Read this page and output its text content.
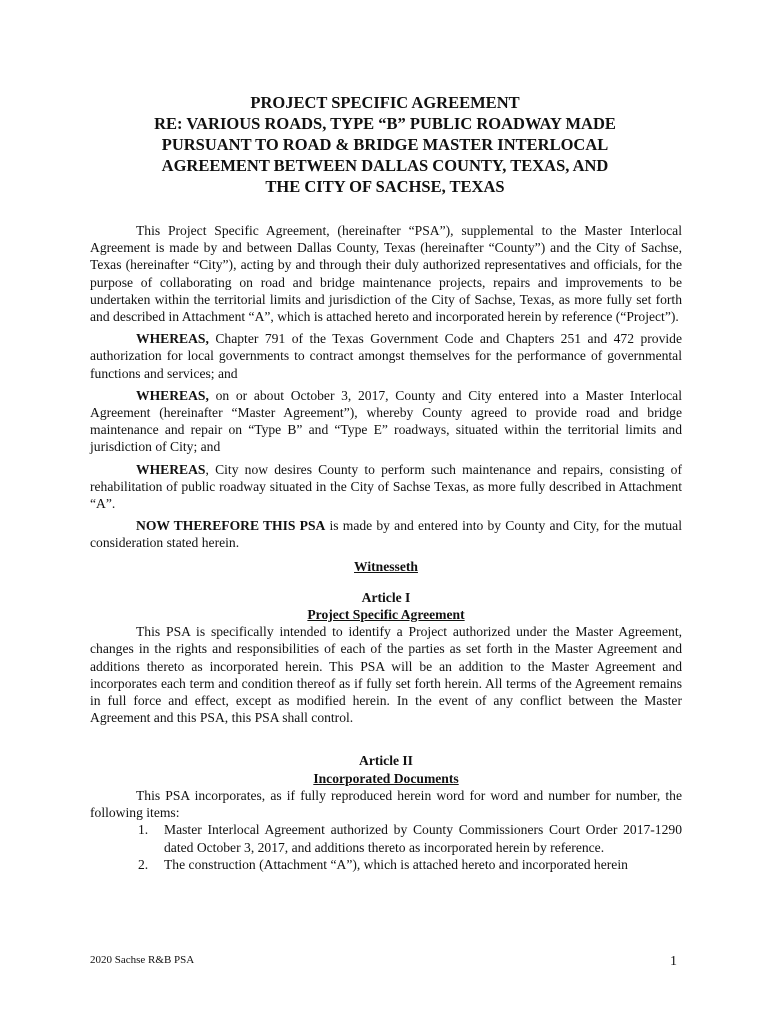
PROJECT SPECIFIC AGREEMENT
RE: VARIOUS ROADS, TYPE “B” PUBLIC ROADWAY MADE
PURSUANT TO ROAD & BRIDGE MASTER INTERLOCAL
AGREEMENT BETWEEN DALLAS COUNTY, TEXAS, AND
THE CITY OF SACHSE, TEXAS

This Project Specific Agreement, (hereinafter “PSA”), supplemental to the Master Interlocal Agreement is made by and between Dallas County, Texas (hereinafter “County”) and the City of Sachse, Texas (hereinafter “City”), acting by and through their duly authorized representatives and officials, for the purpose of collaborating on road and bridge maintenance projects, repairs and improvements to be undertaken within the territorial limits and jurisdiction of the City of Sachse, Texas, as more fully set forth and described in Attachment “A”, which is attached hereto and incorporated herein by reference (“Project”).

WHEREAS, Chapter 791 of the Texas Government Code and Chapters 251 and 472 provide authorization for local governments to contract amongst themselves for the performance of governmental functions and services; and

WHEREAS, on or about October 3, 2017, County and City entered into a Master Interlocal Agreement (hereinafter “Master Agreement”), whereby County agreed to provide road and bridge maintenance and repair on “Type B” and “Type E” roadways, situated within the territorial limits and jurisdiction of City; and

WHEREAS, City now desires County to perform such maintenance and repairs, consisting of rehabilitation of public roadway situated in the City of Sachse Texas, as more fully described in Attachment “A”.

NOW THEREFORE THIS PSA is made by and entered into by County and City, for the mutual consideration stated herein.

Witnesseth

Article I

Project Specific Agreement

This PSA is specifically intended to identify a Project authorized under the Master Agreement, changes in the rights and responsibilities of each of the parties as set forth in the Master Agreement and additions thereto as incorporated herein. This PSA will be an addition to the Master Agreement and incorporates each term and condition thereof as if fully set forth herein. All terms of the Agreement remains in full force and effect, except as modified herein. In the event of any conflict between the Master Agreement and this PSA, this PSA shall control.

Article II

Incorporated Documents

This PSA incorporates, as if fully reproduced herein word for word and number for number, the following items:

1. Master Interlocal Agreement authorized by County Commissioners Court Order 2017-1290 dated October 3, 2017, and additions thereto as incorporated herein by reference.
2. The construction (Attachment “A”), which is attached hereto and incorporated herein
2020 Sachse R&B PSA	1
